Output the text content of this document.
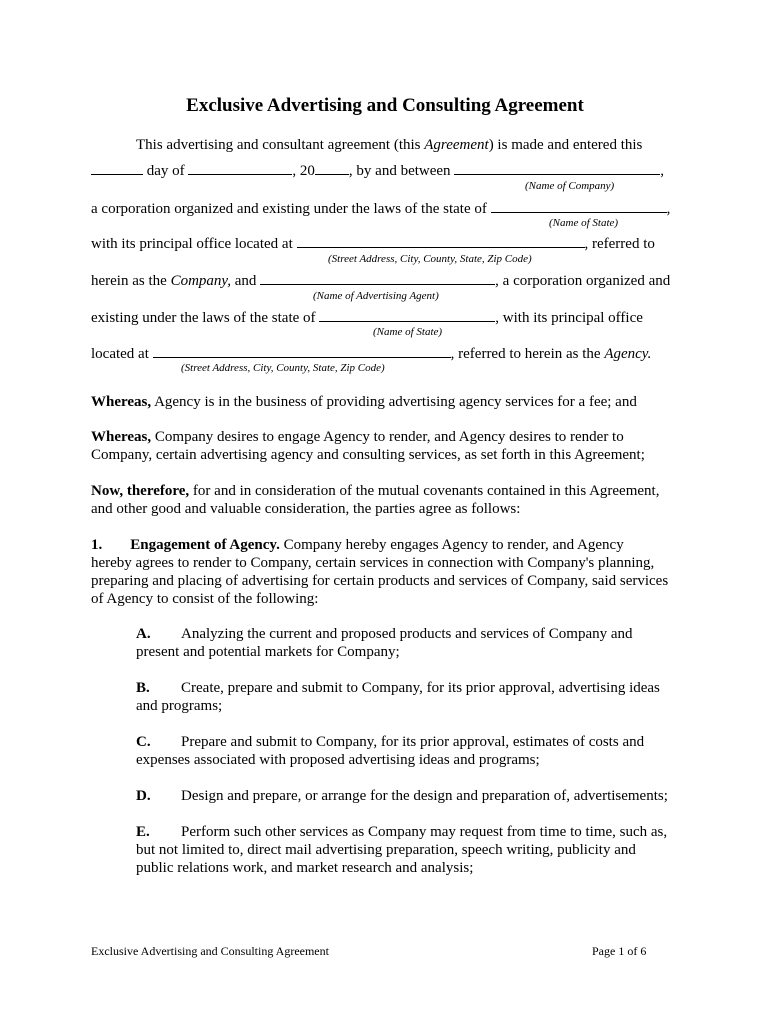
Exclusive Advertising and Consulting Agreement
This advertising and consultant agreement (this Agreement) is made and entered this
day of	, 20 , by and between	,
(Name of Company)
a corporation organized and existing under the laws of the state of	,
(Name of State)
with its principal office located at	, referred to
(Street Address, City, County, State, Zip Code)
herein as the Company, and	, a corporation organized and
(Name of Advertising Agent)
existing under the laws of the state of	, with its principal office
(Name of State)
located at	, referred to herein as the Agency.
(Street Address, City, County, State, Zip Code)
Whereas, Agency is in the business of providing advertising agency services for a fee; and
Whereas, Company desires to engage Agency to render, and Agency desires to render to
Company, certain advertising agency and consulting services, as set forth in this Agreement;
Now, therefore, for and in consideration of the mutual covenants contained in this Agreement,
and other good and valuable consideration, the parties agree as follows:
1. Engagement of Agency. Company hereby engages Agency to render, and Agency
hereby agrees to render to Company, certain services in connection with Company's planning,
preparing and placing of advertising for certain products and services of Company, said services
of Agency to consist of the following:
A. Analyzing the current and proposed products and services of Company and
present and potential markets for Company;
B. Create, prepare and submit to Company, for its prior approval, advertising ideas
and programs;
C. Prepare and submit to Company, for its prior approval, estimates of costs and
expenses associated with proposed advertising ideas and programs;
D. Design and prepare, or arrange for the design and preparation of, advertisements;
E. Perform such other services as Company may request from time to time, such as,
but not limited to, direct mail advertising preparation, speech writing, publicity and
public relations work, and market research and analysis;
Exclusive Advertising and Consulting Agreement	Page 1 of 6
